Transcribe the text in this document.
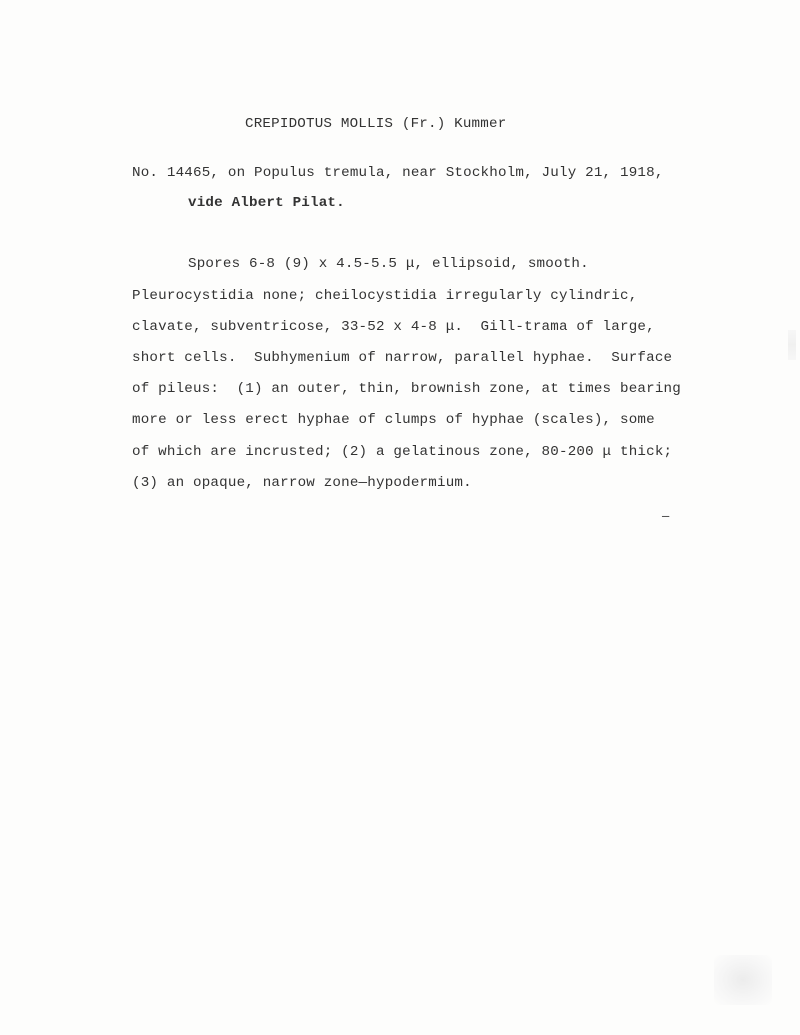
CREPIDOTUS MOLLIS (Fr.) Kummer
No. 14465, on Populus tremula, near Stockholm, July 21, 1918,
vide Albert Pilat.
Spores 6-8 (9) x 4.5-5.5 μ, ellipsoid, smooth.
Pleurocystidia none; cheilocystidia irregularly cylindric,
clavate, subventricose, 33-52 x 4-8 μ.  Gill-trama of large,
short cells.  Subhymenium of narrow, parallel hyphae.  Surface
of pileus:  (1) an outer, thin, brownish zone, at times bearing
more or less erect hyphae of clumps of hyphae (scales), some
of which are incrusted; (2) a gelatinous zone, 80-200 μ thick;
(3) an opaque, narrow zone—hypodermium.
─
